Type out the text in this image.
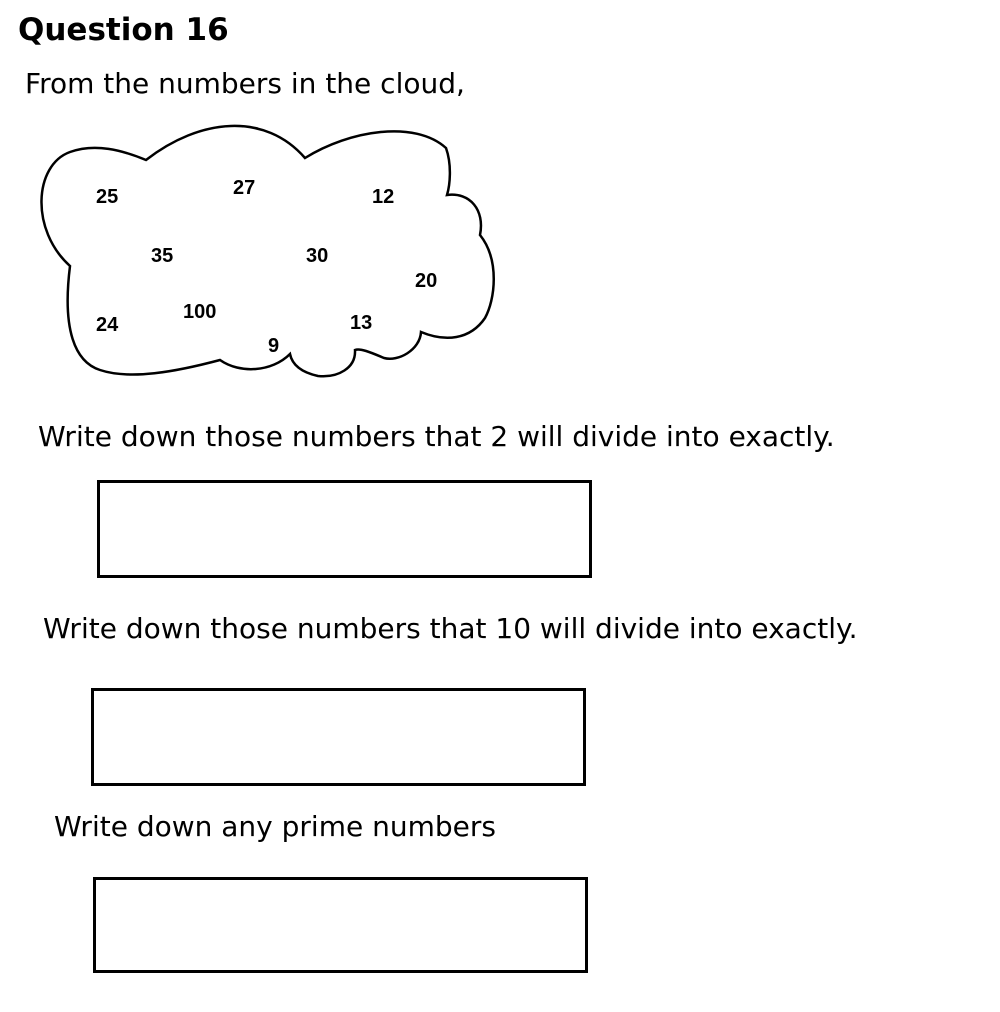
Question 16
From the numbers in the cloud,
25	27	12
35	30
20
24
100	13
9
Write down those numbers that 2 will divide into exactly.
Write down those numbers that 10 will divide into exactly.
Write down any prime numbers
